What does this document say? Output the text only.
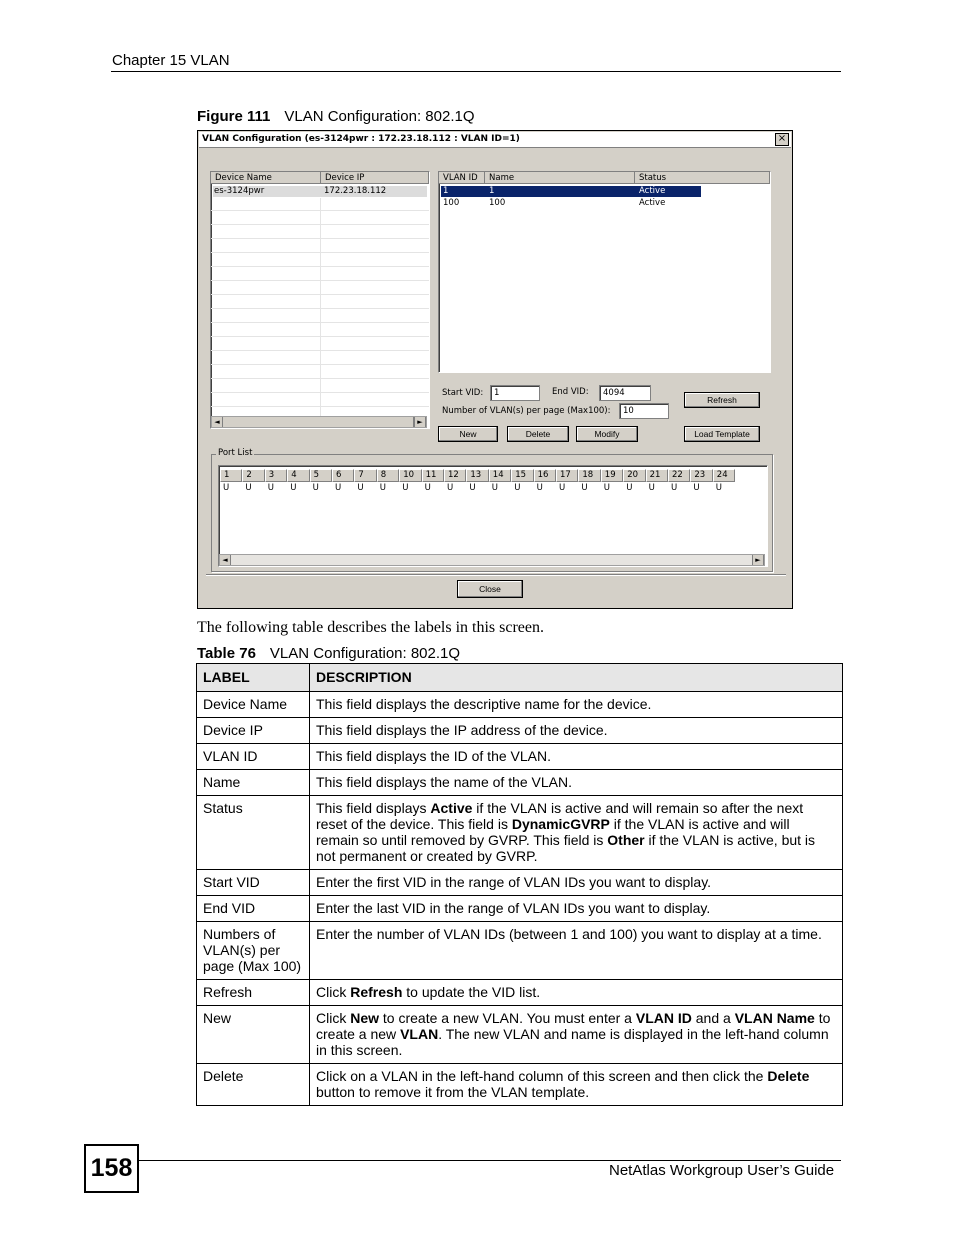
Chapter 15 VLAN
Figure 111 VLAN Configuration: 802.1Q
VLAN Configuration (es-3124pwr : 172.23.18.112 : VLAN ID=1)	×
Device Name	Device IP
es-3124pwr	172.23.18.112
◄	►
VLAN ID	Name	Status
1	1	Active
100	100	Active
Start VID:	1	End VID:	4094
Number of VLAN(s) per page (Max100):	10
Refresh
New	Delete	Modify	Load Template
Port List
◄	►
1
U
2
U
3
U
4
U
5
U
6
U
7
U
8
U
10
U
11
U
12
U
13
U
14
U
15
U
16
U
17
U
18
U
19
U
20
U
21
U
22
U
23
U
24
U
Close
The following table describes the labels in this screen.
Table 76 VLAN Configuration: 802.1Q
LABEL	DESCRIPTION
Device Name	This field displays the descriptive name for the device.
Device IP	This field displays the IP address of the device.
VLAN ID	This field displays the ID of the VLAN.
Name	This field displays the name of the VLAN.
Status	This field displays Active if the VLAN is active and will remain so after the next reset of the device. This field is DynamicGVRP if the VLAN is active and will remain so until removed by GVRP. This field is Other if the VLAN is active, but is not permanent or created by GVRP.
Start VID	Enter the first VID in the range of VLAN IDs you want to display.
End VID	Enter the last VID in the range of VLAN IDs you want to display.
Numbers of VLAN(s) per page (Max 100)	Enter the number of VLAN IDs (between 1 and 100) you want to display at a time.
Refresh	Click Refresh to update the VID list.
New	Click New to create a new VLAN. You must enter a VLAN ID and a VLAN Name to create a new VLAN. The new VLAN and name is displayed in the left-hand column in this screen.
Delete	Click on a VLAN in the left-hand column of this screen and then click the Delete button to remove it from the VLAN template.
158	NetAtlas Workgroup User’s Guide
